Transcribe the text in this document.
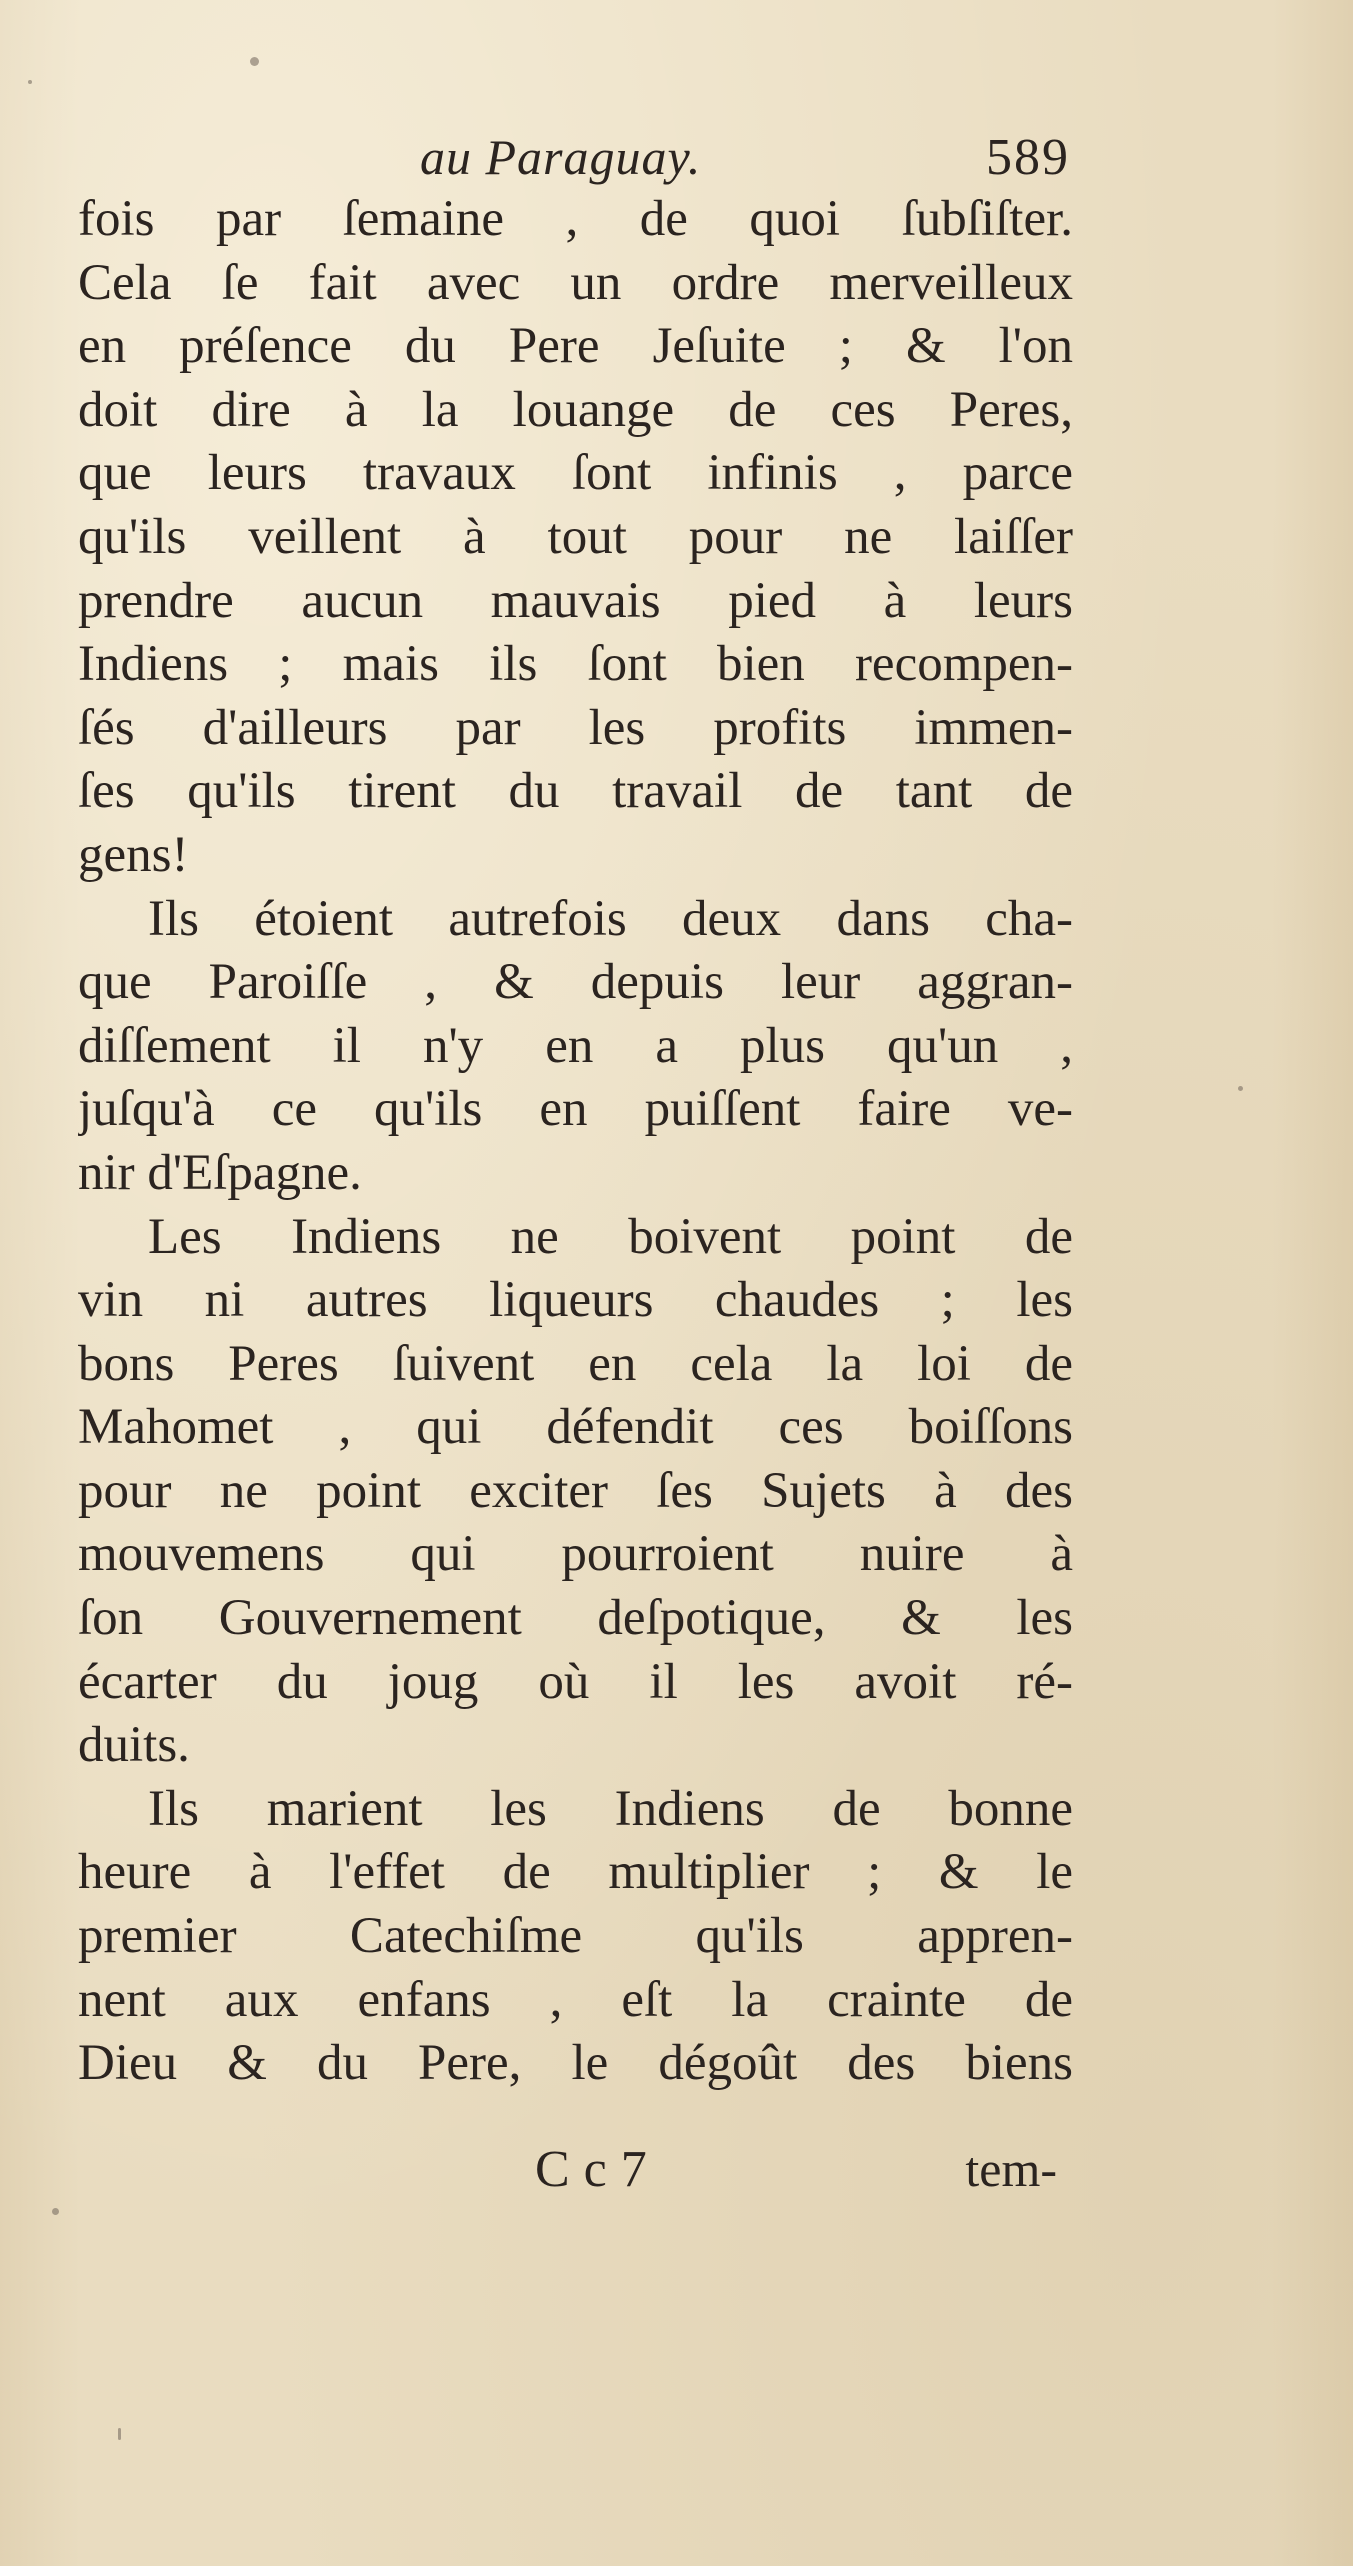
au Paraguay.	589
fois par ſemaine , de quoi ſubſiſter.
Cela ſe fait avec un ordre merveilleux
en préſence du Pere Jeſuite ; & l'on
doit dire à la louange de ces Peres,
que leurs travaux ſont infinis , parce
qu'ils veillent à tout pour ne laiſſer
prendre aucun mauvais pied à leurs
Indiens ; mais ils ſont bien recompen-
ſés d'ailleurs par les profits immen-
ſes qu'ils tirent du travail de tant de
gens!
Ils étoient autrefois deux dans cha-
que Paroiſſe , & depuis leur aggran-
diſſement il n'y en a plus qu'un ,
juſqu'à ce qu'ils en puiſſent faire ve-
nir d'Eſpagne.
Les Indiens ne boivent point de
vin ni autres liqueurs chaudes ; les
bons Peres ſuivent en cela la loi de
Mahomet , qui défendit ces boiſſons
pour ne point exciter ſes Sujets à des
mouvemens qui pourroient nuire à
ſon Gouvernement deſpotique, & les
écarter du joug où il les avoit ré-
duits.
Ils marient les Indiens de bonne
heure à l'effet de multiplier ; & le
premier Catechiſme qu'ils appren-
nent aux enfans , eſt la crainte de
Dieu & du Pere, le dégoût des biens
Cc7	tem-
